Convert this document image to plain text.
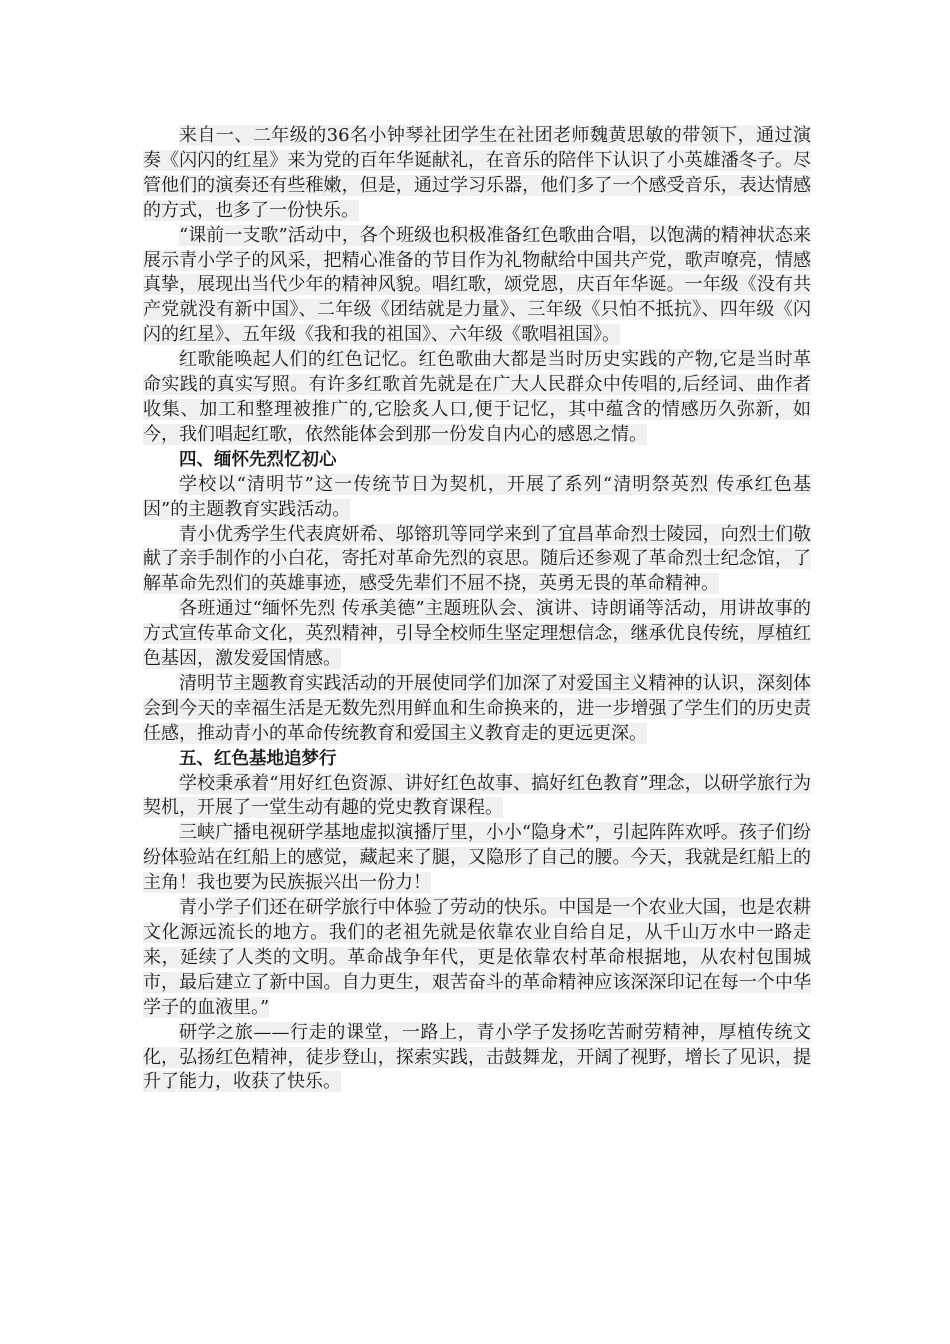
来自一、二年级的36名小钟琴社团学生在社团老师魏黄思敏的带领下，通过演奏《闪闪的红星》来为党的百年华诞献礼，在音乐的陪伴下认识了小英雄潘冬子。尽管他们的演奏还有些稚嫩，但是，通过学习乐器，他们多了一个感受音乐，表达情感的方式，也多了一份快乐。

“课前一支歌”活动中，各个班级也积极准备红色歌曲合唱，以饱满的精神状态来展示青小学子的风采，把精心准备的节目作为礼物献给中国共产党，歌声嘹亮，情感真挚，展现出当代少年的精神风貌。唱红歌，颂党恩，庆百年华诞。一年级《没有共产党就没有新中国》、二年级《团结就是力量》、三年级《只怕不抵抗》、四年级《闪闪的红星》、五年级《我和我的祖国》、六年级《歌唱祖国》。

红歌能唤起人们的红色记忆。红色歌曲大都是当时历史实践的产物,它是当时革命实践的真实写照。有许多红歌首先就是在广大人民群众中传唱的,后经词、曲作者收集、加工和整理被推广的,它脍炙人口,便于记忆，其中蕴含的情感历久弥新，如今，我们唱起红歌，依然能体会到那一份发自内心的感恩之情。

四、缅怀先烈忆初心

学校以“清明节”这一传统节日为契机，开展了系列“清明祭英烈 传承红色基因”的主题教育实践活动。

青小优秀学生代表庹妍希、邬镕玑等同学来到了宜昌革命烈士陵园，向烈士们敬献了亲手制作的小白花，寄托对革命先烈的哀思。随后还参观了革命烈士纪念馆，了解革命先烈们的英雄事迹，感受先辈们不屈不挠，英勇无畏的革命精神。

各班通过“缅怀先烈 传承美德”主题班队会、演讲、诗朗诵等活动，用讲故事的方式宣传革命文化，英烈精神，引导全校师生坚定理想信念，继承优良传统，厚植红色基因，激发爱国情感。

清明节主题教育实践活动的开展使同学们加深了对爱国主义精神的认识，深刻体会到今天的幸福生活是无数先烈用鲜血和生命换来的，进一步增强了学生们的历史责任感，推动青小的革命传统教育和爱国主义教育走的更远更深。

五、红色基地追梦行

学校秉承着“用好红色资源、讲好红色故事、搞好红色教育”理念，以研学旅行为契机，开展了一堂生动有趣的党史教育课程。

三峡广播电视研学基地虚拟演播厅里，小小“隐身术”，引起阵阵欢呼。孩子们纷纷体验站在红船上的感觉，藏起来了腿，又隐形了自己的腰。今天，我就是红船上的主角！我也要为民族振兴出一份力！

青小学子们还在研学旅行中体验了劳动的快乐。中国是一个农业大国，也是农耕文化源远流长的地方。我们的老祖先就是依靠农业自给自足，从千山万水中一路走来，延续了人类的文明。革命战争年代，更是依靠农村革命根据地，从农村包围城市，最后建立了新中国。自力更生，艰苦奋斗的革命精神应该深深印记在每一个中华学子的血液里。”

研学之旅——行走的课堂，一路上，青小学子发扬吃苦耐劳精神，厚植传统文化，弘扬红色精神，徒步登山，探索实践，击鼓舞龙，开阔了视野，增长了见识，提升了能力，收获了快乐。
